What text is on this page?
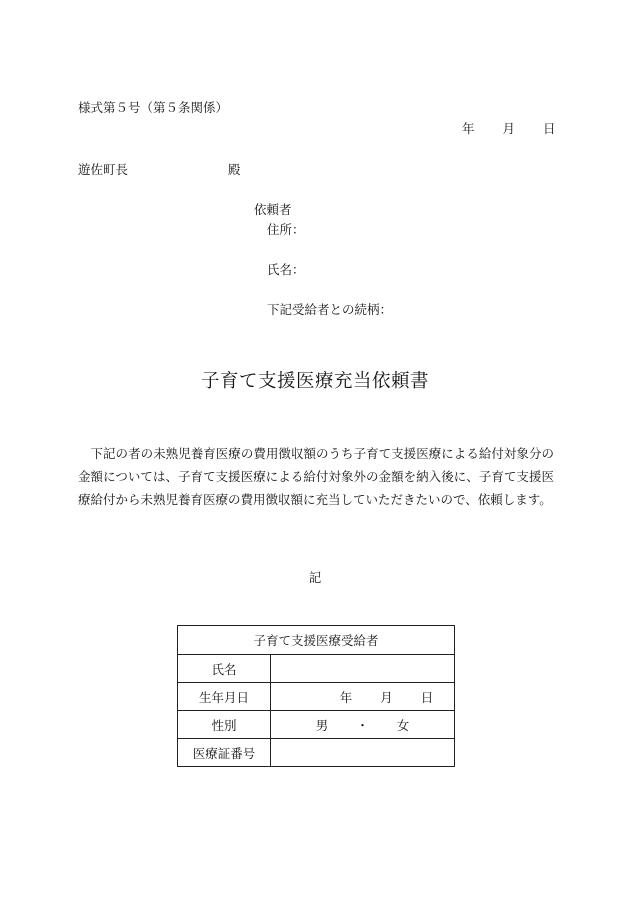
様式第５号（第５条関係）
年 月 日
遊佐町長	殿
依頼者
住所：
氏名：
下記受給者との続柄：
子育て支援医療充当依頼書
下記の者の未熟児養育医療の費用徴収額のうち子育て支援医療による給付対象分の金額については、子育て支援医療による給付対象外の金額を納入後に、子育て支援医療給付から未熟児養育医療の費用徴収額に充当していただきたいので、依頼します。
記
子育て支援医療受給者	
氏名	
生年月日	年 月 日
性別	男 ・ 女
医療証番号	
